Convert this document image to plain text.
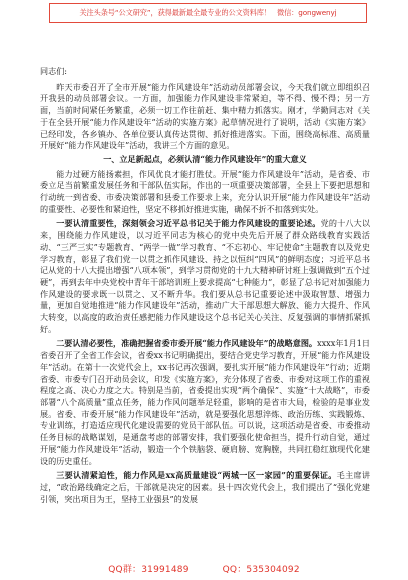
关注头条号“公文研究”，获得最新最全最专业的公文资料库！ 微信：gongwenyj

同志们:

昨天市委召开了全市开展“能力作风建设年”活动动员部署会议，今天我们就立即组织召开我县的动员部署会议。一方面，加强能力作风建设非常紧迫，等不得、慢不得；另一方面，当前时间紧任务繁重，必须一切工作往前赶、集中精力抓落实。刚才，学勤同志对《关于在全县开展“能力作风建设年”活动的实施方案》起草情况进行了说明，活动《实施方案》已经印发，各乡镇办、各单位要认真传达贯彻、抓好推进落实。下面，围绕高标准、高质量开展好“能力作风建设年”活动，我讲三个方面的意见。

一、立足新起点，必须认清“能力作风建设年”的重大意义

能力过硬方能扬素担，作风优良才能打胜仗。开展“能力作风建设年”活动，是省委、市委立足当前繁重发展任务和干部队伍实际，作出的一项重要决策部署，全县上下要把思想和行动统一到省委、市委决策部署和县委工作要求上来，充分认识开展“能力作风建设年”活动的重要性、必要性和紧迫性，坚定不移抓好推进实施，确保不折不扣落到实处。

一要认清重要性，深刻领会习近平总书记关于能力作风建设的重要论述。党的十八大以来，围绕能力作风建设，以习近平同志为核心的党中央先后开展了群众路线教育实践活动、“三严三实”专题教育、“两学一做”学习教育、“不忘初心、牢记使命”主题教育以及党史学习教育，彰显了我们党一以贯之抓作风建设、持之以恒纠“四风”的鲜明态度；习近平总书记从党的十八大提出增强“八项本领”，到学习贯彻党的十九大精神研讨班上强调做到“五个过硬”，再到去年中央党校中青年干部培训班上要求提高“七种能力”，彰显了总书记对加强能力作风建设的要求既一以贯之、又不断升华。我们要从总书记重要论述中汲取智慧、增强力量，更加自觉地推进“能力作风建设年”活动，推动广大干部思想大解放、能力大提升、作风大转变，以高度的政治责任感把能力作风建设这个总书记关心关注、反复强调的事情抓紧抓好。

二要认清必要性，准确把握省委市委开展“能力作风建设年”的战略意图。xxxx年1月1日省委召开了全省工作会议，省委xx书记明确提出，要结合党史学习教育，开展“能力作风建设年”活动。在第十一次党代会上，xx书记再次强调，要扎实开展“能力作风建设年”行动；近期省委、市委专门召开动员会议，印发《实施方案》，充分体现了省委、市委对这项工作的重视程度之高、决心力度之大。特别是当前，省委提出实现“两个确保”、实施“十大战略”，市委部署“八个高质量”重点任务，能力作风问题举足轻重，影响的是省市大局，检验的是事业发展。省委、市委开展“能力作风建设年”活动，就是要强化思想淬炼、政治历练、实践锻炼、专业训练，打造适应现代化建设需要的党员干部队伍。可以说，这项活动是省委、市委推动任务目标的战略谋划，是通盘考虑的部署安排，我们要强化使命担当，提升行动自觉，通过开展“能力作风建设年”活动，锻造一个个铁脑袋、硬肩膀、宽胸膛，共同扛稳红旗现代化建设的历史重任。

三要认清紧迫性，能力作风是xx高质量建设“两城一区一家园”的重要保证。毛主席讲过，“政治路线确定之后，干部就是决定的因素。县十四次党代会上，我们提出了“强化党建引领，突出项目为王，坚持工业强县”的发展

QQ群：31991489	QQ：535304092
